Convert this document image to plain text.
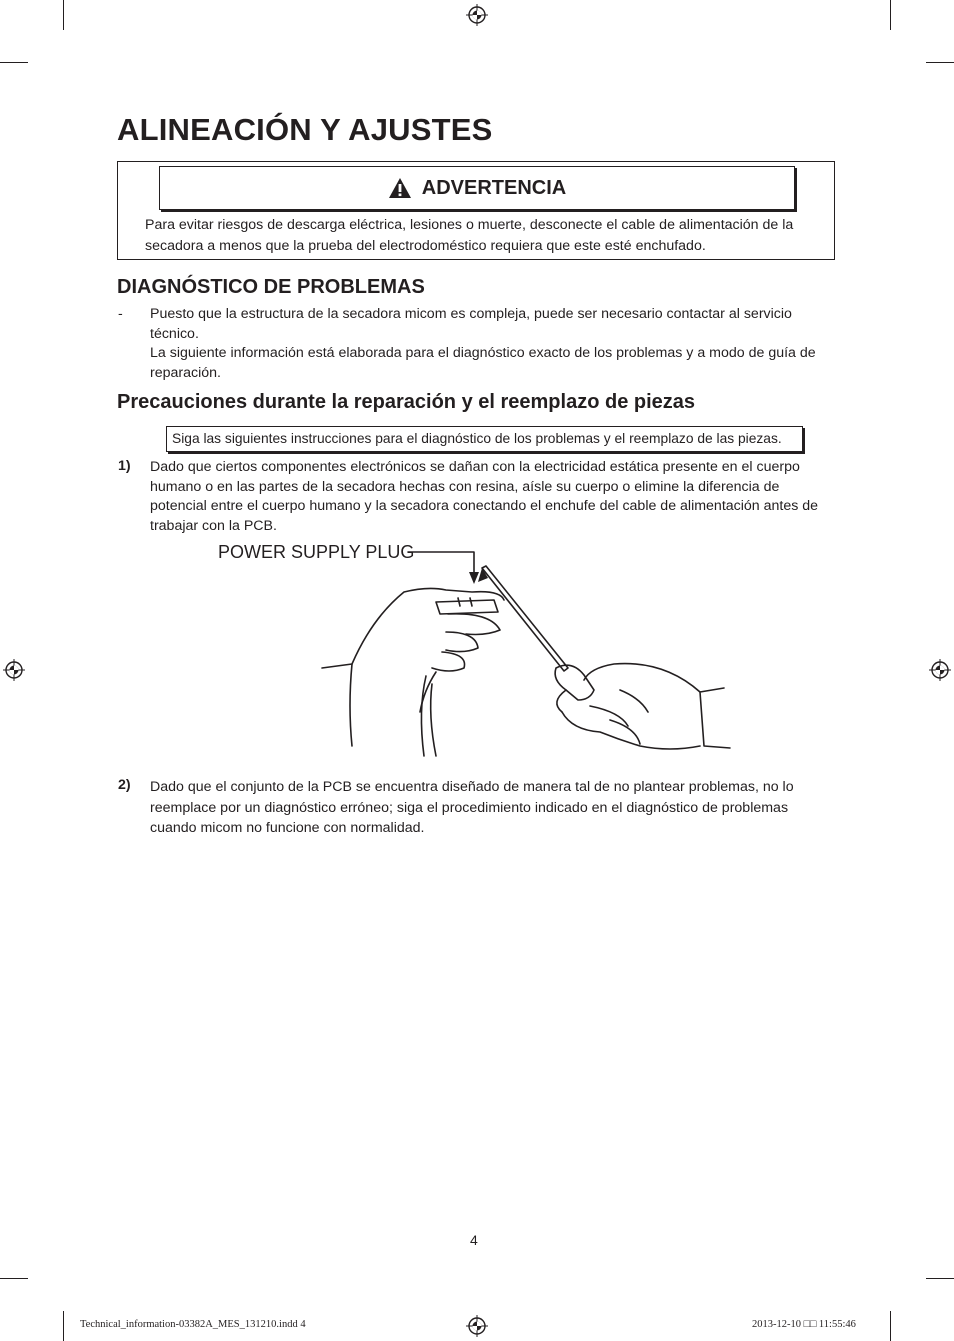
ALINEACIÓN Y AJUSTES
ADVERTENCIA
Para evitar riesgos de descarga eléctrica, lesiones o muerte, desconecte el cable de alimentación de la secadora a menos que la prueba del electrodoméstico requiera que este esté enchufado.
DIAGNÓSTICO DE PROBLEMAS
- Puesto que la estructura de la secadora micom es compleja, puede ser necesario contactar al servicio técnico.
La siguiente información está elaborada para el diagnóstico exacto de los problemas y a modo de guía de reparación.
Precauciones durante la reparación y el reemplazo de piezas
Siga las siguientes instrucciones para el diagnóstico de los problemas y el reemplazo de las piezas.
1) Dado que ciertos componentes electrónicos se dañan con la electricidad estática presente en el cuerpo humano o en las partes de la secadora hechas con resina, aísle su cuerpo o elimine la diferencia de potencial entre el cuerpo humano y la secadora conectando el enchufe del cable de alimentación antes de trabajar con la PCB.
POWER SUPPLY PLUG
2) Dado que el conjunto de la PCB se encuentra diseñado de manera tal de no plantear problemas, no lo reemplace por un diagnóstico erróneo; siga el procedimiento indicado en el diagnóstico de problemas cuando micom no funcione con normalidad.
4
Technical_information-03382A_MES_131210.indd 4	2013-12-10 □□ 11:55:46
